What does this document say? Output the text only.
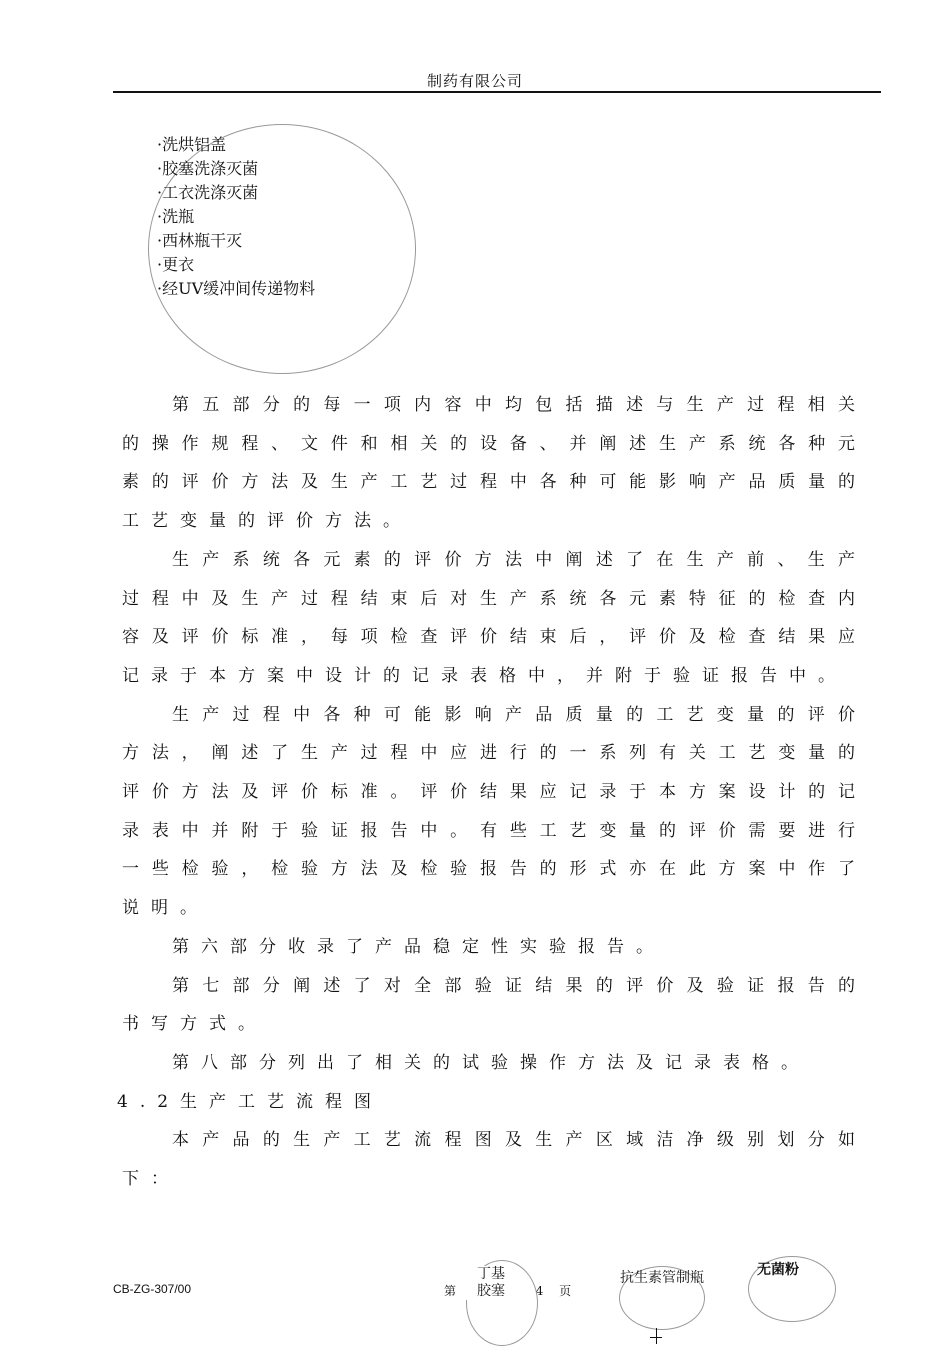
制药有限公司
·洗烘铝盖
·胶塞洗涤灭菌
·工衣洗涤灭菌
·洗瓶
·西林瓶干灭
·更衣
·经UV缓冲间传递物料

第五部分的每一项内容中均包括描述与生产过程相关的操作规程、文件和相关的设备、并阐述生产系统各种元素的评价方法及生产工艺过程中各种可能影响产品质量的工艺变量的评价方法。

生产系统各元素的评价方法中阐述了在生产前、生产过程中及生产过程结束后对生产系统各元素特征的检查内容及评价标准，每项检查评价结束后，评价及检查结果应记录于本方案中设计的记录表格中，并附于验证报告中。

生产过程中各种可能影响产品质量的工艺变量的评价方法，阐述了生产过程中应进行的一系列有关工艺变量的评价方法及评价标准。评价结果应记录于本方案设计的记录表中并附于验证报告中。有些工艺变量的评价需要进行一些检验，检验方法及检验报告的形式亦在此方案中作了说明。

第六部分收录了产品稳定性实验报告。

第七部分阐述了对全部验证结果的评价及验证报告的书写方式。

第八部分列出了相关的试验操作方法及记录表格。

4.2生产工艺流程图

本产品的生产工艺流程图及生产区域洁净级别划分如下：

CB-ZG-307/00	第	4 页
丁基
胶塞
抗生素管制瓶	无菌粉
